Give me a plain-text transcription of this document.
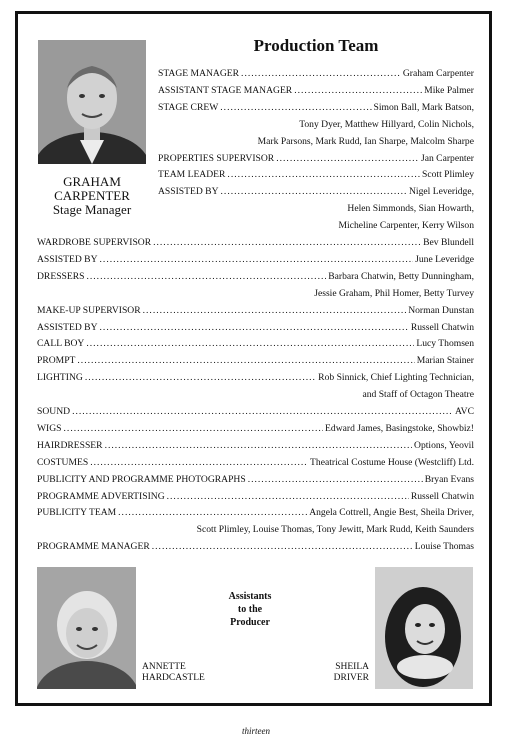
GRAHAM
CARPENTER
Stage Manager
Production Team
STAGE MANAGER .....	Graham Carpenter
ASSISTANT STAGE MANAGER .....	Mike Palmer
STAGE CREW .....	Simon Ball, Mark Batson,
Tony Dyer, Matthew Hillyard, Colin Nichols,
Mark Parsons, Mark Rudd, Ian Sharpe, Malcolm Sharpe
PROPERTIES SUPERVISOR .....	Jan Carpenter
TEAM LEADER .....	Scott Plimley
ASSISTED BY .....	Nigel Leveridge,
Helen Simmonds, Sian Howarth,
Micheline Carpenter, Kerry Wilson
WARDROBE SUPERVISOR .....	Bev Blundell
ASSISTED BY .....	June Leveridge
DRESSERS .....	Barbara Chatwin, Betty Dunningham,
Jessie Graham, Phil Homer, Betty Turvey
MAKE-UP SUPERVISOR .....	Norman Dunstan
ASSISTED BY .....	Russell Chatwin
CALL BOY .....	Lucy Thomsen
PROMPT .....	Marian Stainer
LIGHTING .....	Rob Sinnick, Chief Lighting Technician,
and Staff of Octagon Theatre
SOUND .....	AVC
WIGS .....	Edward James, Basingstoke, Showbiz!
HAIRDRESSER .....	Options, Yeovil
COSTUMES .....	Theatrical Costume House (Westcliff) Ltd.
PUBLICITY AND PROGRAMME PHOTOGRAPHS .....	Bryan Evans
PROGRAMME ADVERTISING .....	Russell Chatwin
PUBLICITY TEAM .....	Angela Cottrell, Angie Best, Sheila Driver,
Scott Plimley, Louise Thomas, Tony Jewitt, Mark Rudd, Keith Saunders
PROGRAMME MANAGER .....	Louise Thomas
ANNETTE
HARDCASTLE
Assistants
to the
Producer
SHEILA
DRIVER
thirteen
